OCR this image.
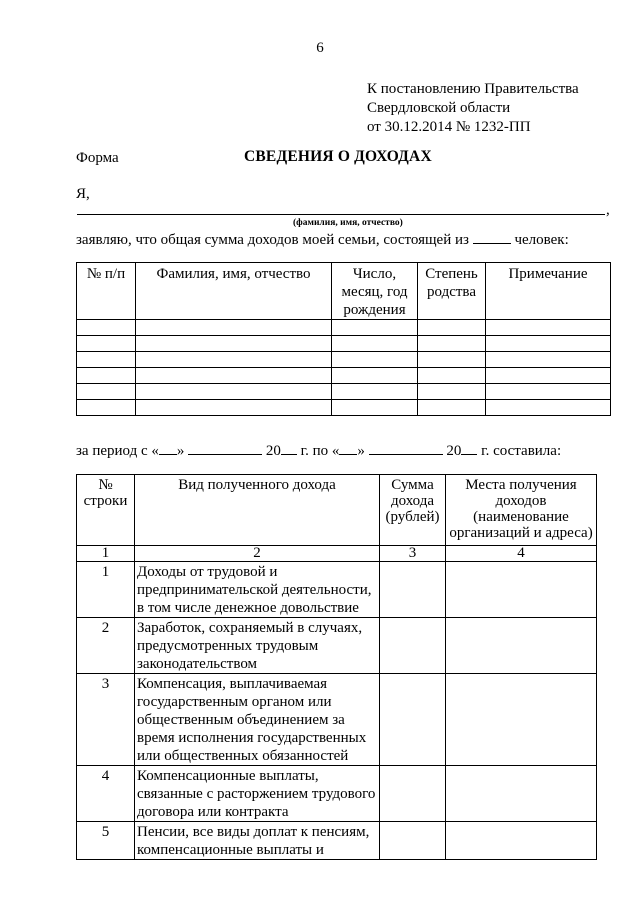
6
К постановлению Правительства
Свердловской области
от 30.12.2014 № 1232-ПП
Форма	СВЕДЕНИЯ О ДОХОДАХ
Я,
,
(фамилия, имя, отчество)
заявляю, что общая сумма доходов моей семьи, состоящей из	человек:
№ п/п	Фамилия, имя, отчество	Число, месяц, год рождения	Степень родства	Примечание

за период с « »	20 г. по « »	20 г. составила:
№ строки	Вид полученного дохода	Сумма дохода (рублей)	Места получения доходов (наименование организаций и адреса)
1	2	3	4
1	Доходы от трудовой и предпринимательской деятельности, в том числе денежное довольствие		
2	Заработок, сохраняемый в случаях, предусмотренных трудовым законодательством		
3	Компенсация, выплачиваемая государственным органом или общественным объединением за время исполнения государственных или общественных обязанностей		
4	Компенсационные выплаты, связанные с расторжением трудового договора или контракта		
5	Пенсии, все виды доплат к пенсиям, компенсационные выплаты и		
